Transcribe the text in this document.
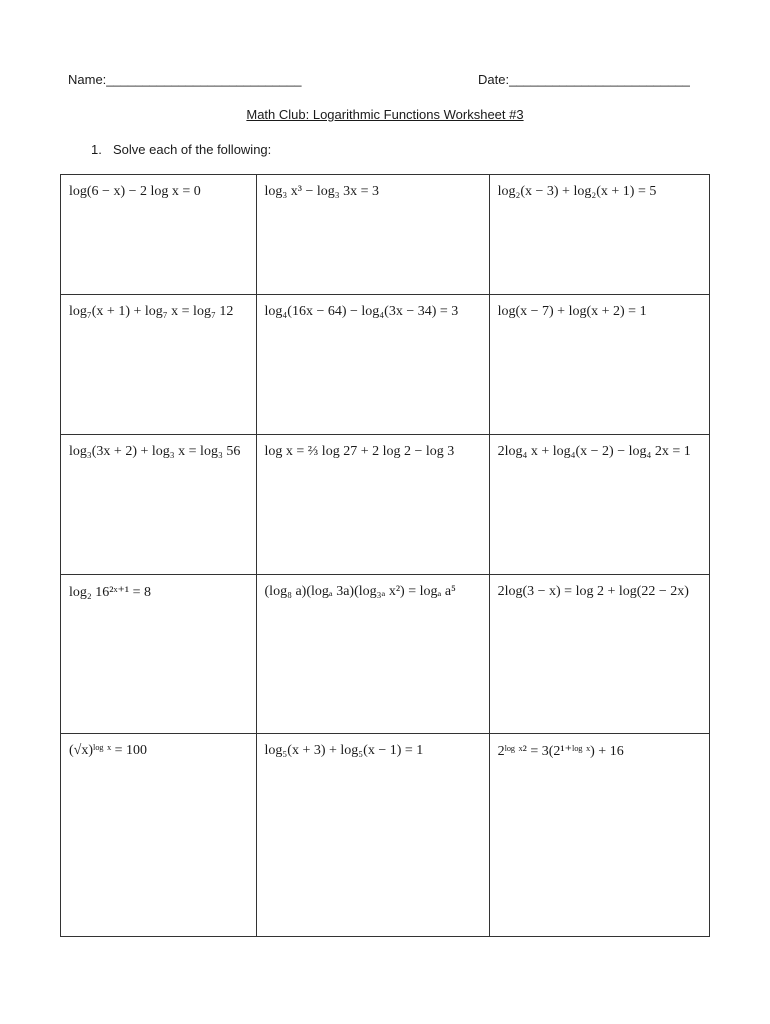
Name:___________________________	Date:_________________________
Math Club: Logarithmic Functions Worksheet #3
1. Solve each of the following:
log(6 − x) − 2 log x = 0	log₃ x³ − log₃ 3x = 3	log₂(x − 3) + log₂(x + 1) = 5

log₇(x + 1) + log₇ x = log₇ 12	log₄(16x − 64) − log₄(3x − 34) = 3	log(x − 7) + log(x + 2) = 1

log₃(3x + 2) + log₃ x = log₃ 56	log x = ⅔ log 27 + 2 log 2 − log 3	2log₄ x + log₄(x − 2) − log₄ 2x = 1

log₂ 16²ˣ⁺¹ = 8	(log₈ a)(logₐ 3a)(log₃ₐ x²) = logₐ a⁵	2log(3 − x) = log 2 + log(22 − 2x)

(√x)ˡᵒᵍ ˣ = 100	log₅(x + 3) + log₅(x − 1) = 1	2ˡᵒᵍ ˣ² = 3(2¹⁺ˡᵒᵍ ˣ) + 16
